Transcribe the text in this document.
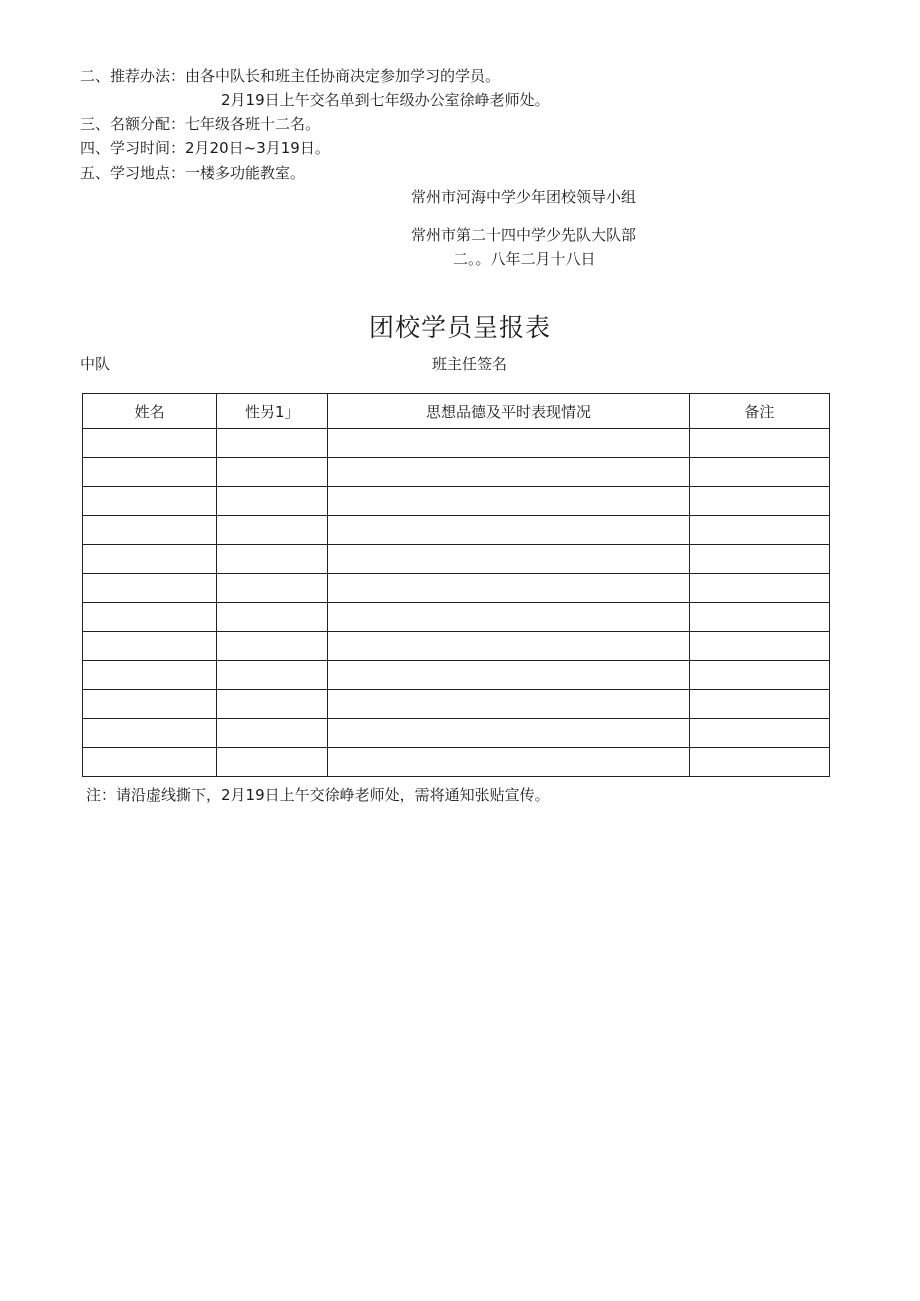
二、推荐办法：由各中队长和班主任协商决定参加学习的学员。
2月19日上午交名单到七年级办公室徐峥老师处。
三、名额分配：七年级各班十二名。
四、学习时间：2月20日~3月19日。
五、学习地点：一楼多功能教室。
常州市河海中学少年团校领导小组
常州市第二十四中学少先队大队部
二。。八年二月十八日
团校学员呈报表
中队	班主任签名
姓名	性另1」	思想品德及平时表现情况	备注

注：请沿虚线撕下，2月19日上午交徐峥老师处，需将通知张贴宣传。
